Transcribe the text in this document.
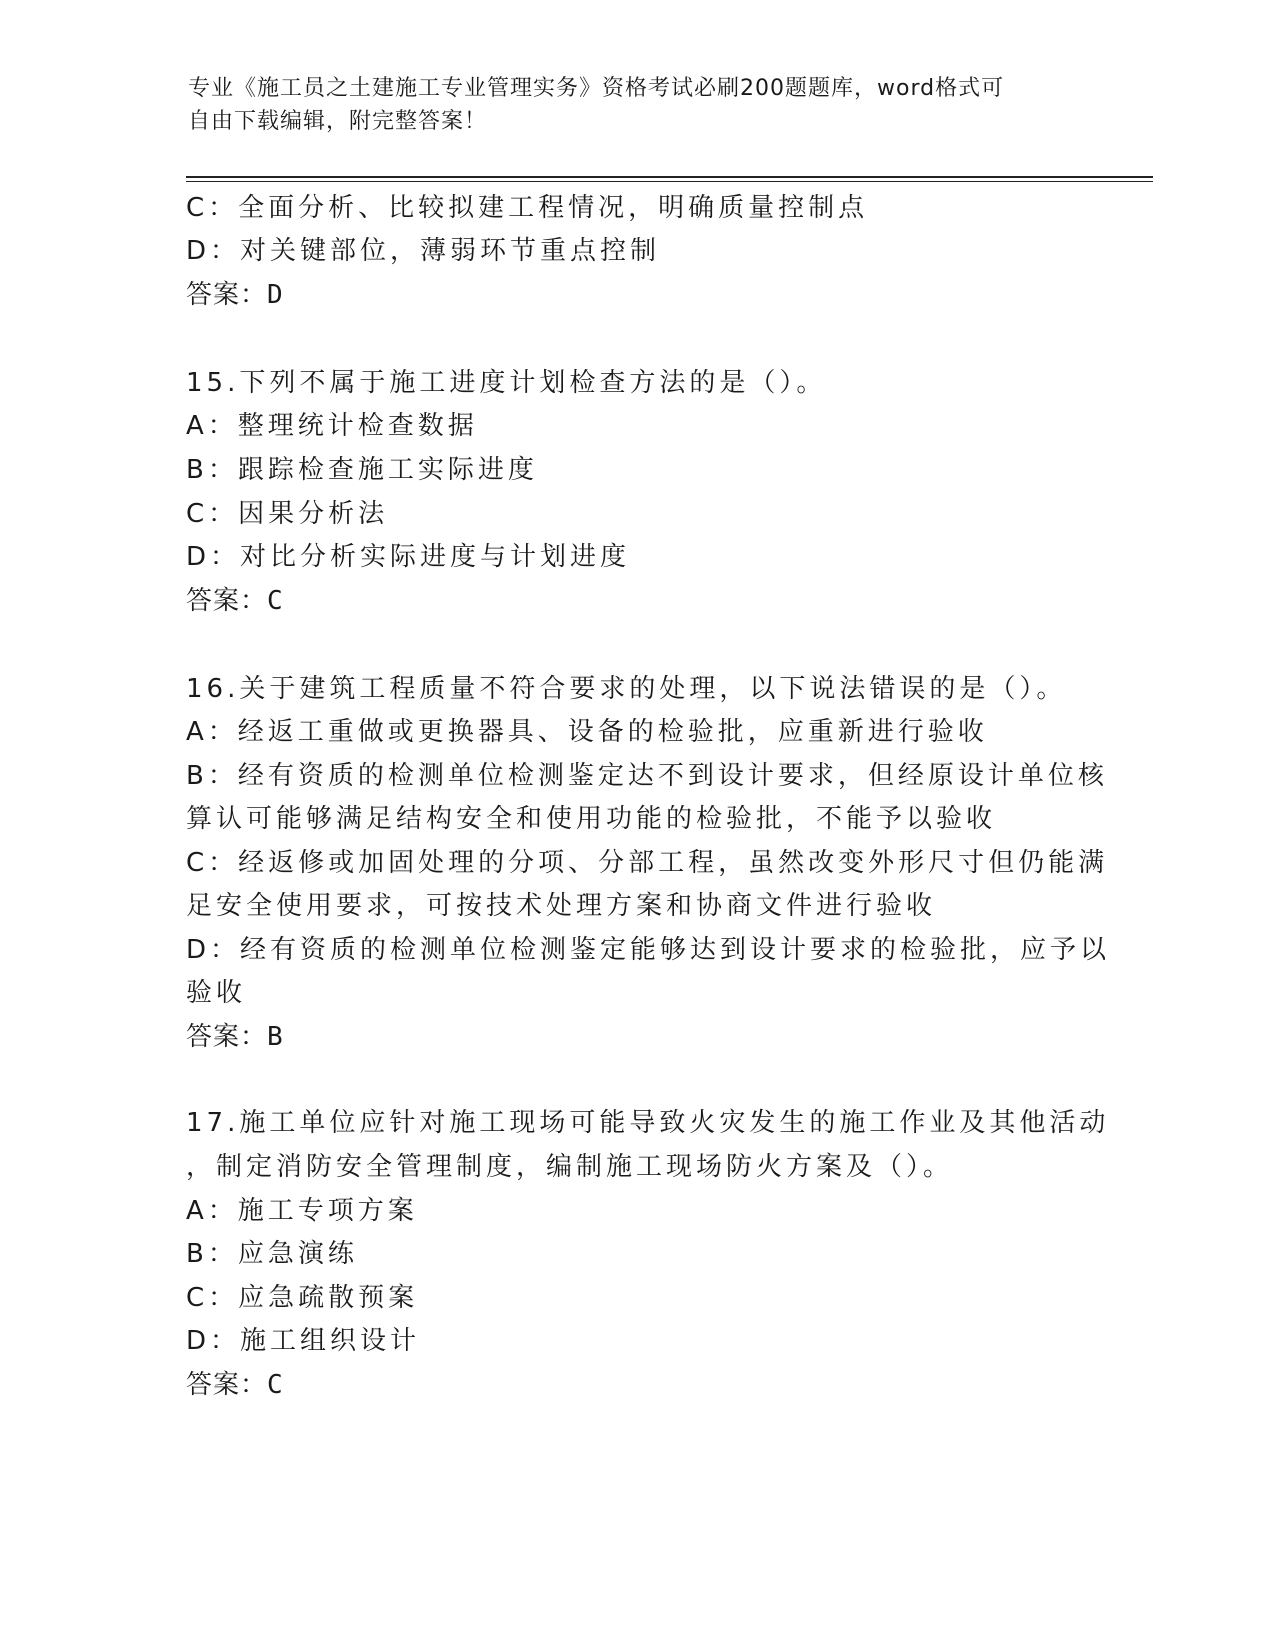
专业《施工员之土建施工专业管理实务》资格考试必刷200题题库，word格式可
自由下载编辑，附完整答案！
C：全面分析、比较拟建工程情况，明确质量控制点
D：对关键部位，薄弱环节重点控制
答案：D
15.下列不属于施工进度计划检查方法的是（）。
A：整理统计检查数据
B：跟踪检查施工实际进度
C：因果分析法
D：对比分析实际进度与计划进度
答案：C
16.关于建筑工程质量不符合要求的处理，以下说法错误的是（）。
A：经返工重做或更换器具、设备的检验批，应重新进行验收
B：经有资质的检测单位检测鉴定达不到设计要求，但经原设计单位核
算认可能够满足结构安全和使用功能的检验批，不能予以验收
C：经返修或加固处理的分项、分部工程，虽然改变外形尺寸但仍能满
足安全使用要求，可按技术处理方案和协商文件进行验收
D：经有资质的检测单位检测鉴定能够达到设计要求的检验批，应予以
验收
答案：B
17.施工单位应针对施工现场可能导致火灾发生的施工作业及其他活动
，制定消防安全管理制度，编制施工现场防火方案及（）。
A：施工专项方案
B：应急演练
C：应急疏散预案
D：施工组织设计
答案：C
